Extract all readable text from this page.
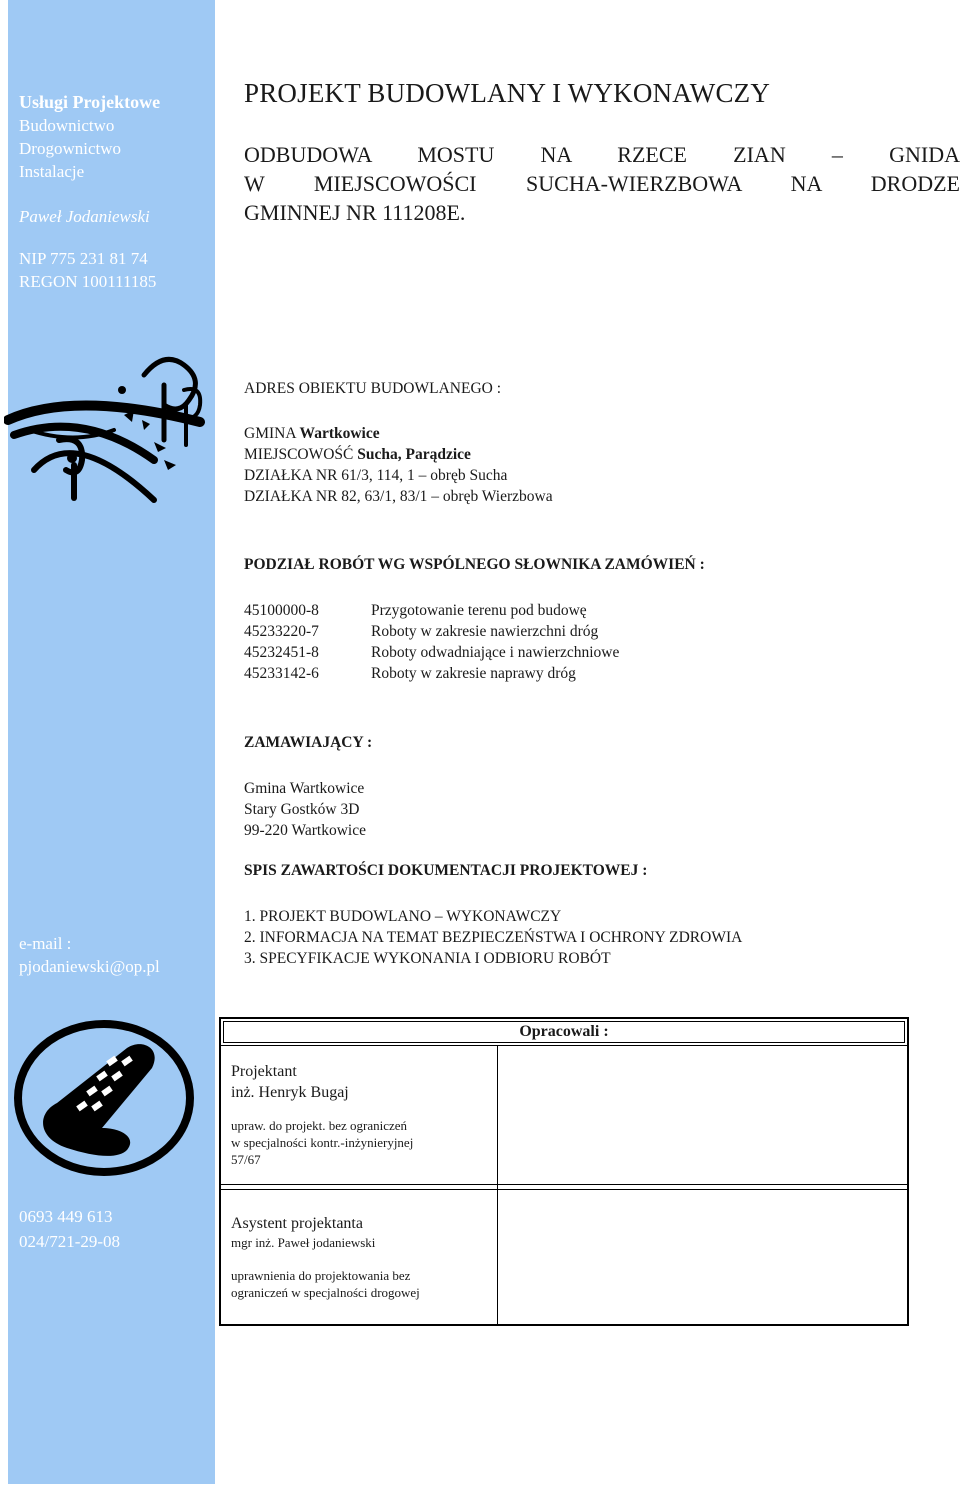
Usługi Projektowe
Budownictwo
Drogownictwo
Instalacje
Paweł Jodaniewski
NIP 775 231 81 74
REGON 100111185
e-mail :
pjodaniewski@op.pl
0693 449 613
024/721-29-08
PROJEKT BUDOWLANY I WYKONAWCZY
ODBUDOWA MOSTU NA RZECE ZIAN – GNIDA
W MIEJSCOWOŚCI SUCHA-WIERZBOWA NA DRODZE
GMINNEJ NR 111208E.
ADRES OBIEKTU BUDOWLANEGO :
GMINA Wartkowice
MIEJSCOWOŚĆ Sucha, Parądzice
DZIAŁKA NR 61/3, 114, 1 – obręb Sucha
DZIAŁKA NR 82, 63/1, 83/1 – obręb Wierzbowa
PODZIAŁ ROBÓT WG WSPÓLNEGO SŁOWNIKA ZAMÓWIEŃ :
45100000-8	Przygotowanie terenu pod budowę
45233220-7	Roboty w zakresie nawierzchni dróg
45232451-8	Roboty odwadniające i nawierzchniowe
45233142-6	Roboty w zakresie naprawy dróg
ZAMAWIAJĄCY :
Gmina Wartkowice
Stary Gostków 3D
99-220 Wartkowice
SPIS ZAWARTOŚCI DOKUMENTACJI PROJEKTOWEJ :
1. PROJEKT BUDOWLANO – WYKONAWCZY
2. INFORMACJA NA TEMAT BEZPIECZEŃSTWA I OCHRONY ZDROWIA
3. SPECYFIKACJE WYKONANIA I ODBIORU ROBÓT
Opracowali :
Projektant
inż. Henryk Bugaj
upraw. do projekt. bez ograniczeń
w specjalności kontr.-inżynieryjnej
57/67
Asystent projektanta
mgr inż. Paweł jodaniewski
uprawnienia do projektowania bez
ograniczeń w specjalności drogowej
